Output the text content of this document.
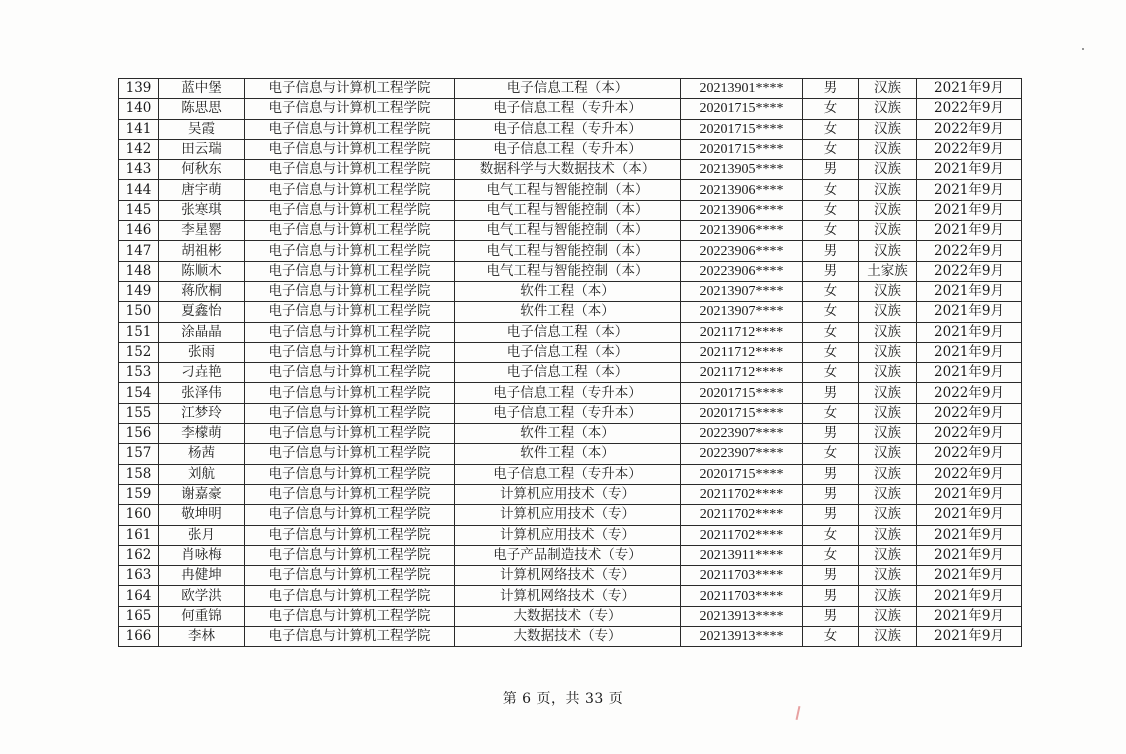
139	蓝中堡	电子信息与计算机工程学院	电子信息工程（本）	20213901****	男	汉族	2021年9月
140	陈思思	电子信息与计算机工程学院	电子信息工程（专升本）	20201715****	女	汉族	2022年9月
141	吴霞	电子信息与计算机工程学院	电子信息工程（专升本）	20201715****	女	汉族	2022年9月
142	田云瑞	电子信息与计算机工程学院	电子信息工程（专升本）	20201715****	女	汉族	2022年9月
143	何秋东	电子信息与计算机工程学院	数据科学与大数据技术（本）	20213905****	男	汉族	2021年9月
144	唐宇萌	电子信息与计算机工程学院	电气工程与智能控制（本）	20213906****	女	汉族	2021年9月
145	张寒琪	电子信息与计算机工程学院	电气工程与智能控制（本）	20213906****	女	汉族	2021年9月
146	李星罂	电子信息与计算机工程学院	电气工程与智能控制（本）	20213906****	女	汉族	2021年9月
147	胡祖彬	电子信息与计算机工程学院	电气工程与智能控制（本）	20223906****	男	汉族	2022年9月
148	陈顺木	电子信息与计算机工程学院	电气工程与智能控制（本）	20223906****	男	土家族	2022年9月
149	蒋欣桐	电子信息与计算机工程学院	软件工程（本）	20213907****	女	汉族	2021年9月
150	夏鑫怡	电子信息与计算机工程学院	软件工程（本）	20213907****	女	汉族	2021年9月
151	涂晶晶	电子信息与计算机工程学院	电子信息工程（本）	20211712****	女	汉族	2021年9月
152	张雨	电子信息与计算机工程学院	电子信息工程（本）	20211712****	女	汉族	2021年9月
153	刁垚艳	电子信息与计算机工程学院	电子信息工程（本）	20211712****	女	汉族	2021年9月
154	张泽伟	电子信息与计算机工程学院	电子信息工程（专升本）	20201715****	男	汉族	2022年9月
155	江梦玲	电子信息与计算机工程学院	电子信息工程（专升本）	20201715****	女	汉族	2022年9月
156	李檬萌	电子信息与计算机工程学院	软件工程（本）	20223907****	男	汉族	2022年9月
157	杨茜	电子信息与计算机工程学院	软件工程（本）	20223907****	女	汉族	2022年9月
158	刘航	电子信息与计算机工程学院	电子信息工程（专升本）	20201715****	男	汉族	2022年9月
159	谢嘉豪	电子信息与计算机工程学院	计算机应用技术（专）	20211702****	男	汉族	2021年9月
160	敬坤明	电子信息与计算机工程学院	计算机应用技术（专）	20211702****	男	汉族	2021年9月
161	张月	电子信息与计算机工程学院	计算机应用技术（专）	20211702****	女	汉族	2021年9月
162	肖咏梅	电子信息与计算机工程学院	电子产品制造技术（专）	20213911****	女	汉族	2021年9月
163	冉健坤	电子信息与计算机工程学院	计算机网络技术（专）	20211703****	男	汉族	2021年9月
164	欧学洪	电子信息与计算机工程学院	计算机网络技术（专）	20211703****	男	汉族	2021年9月
165	何重锦	电子信息与计算机工程学院	大数据技术（专）	20213913****	男	汉族	2021年9月
166	李林	电子信息与计算机工程学院	大数据技术（专）	20213913****	女	汉族	2021年9月
第 6 页，共 33 页
